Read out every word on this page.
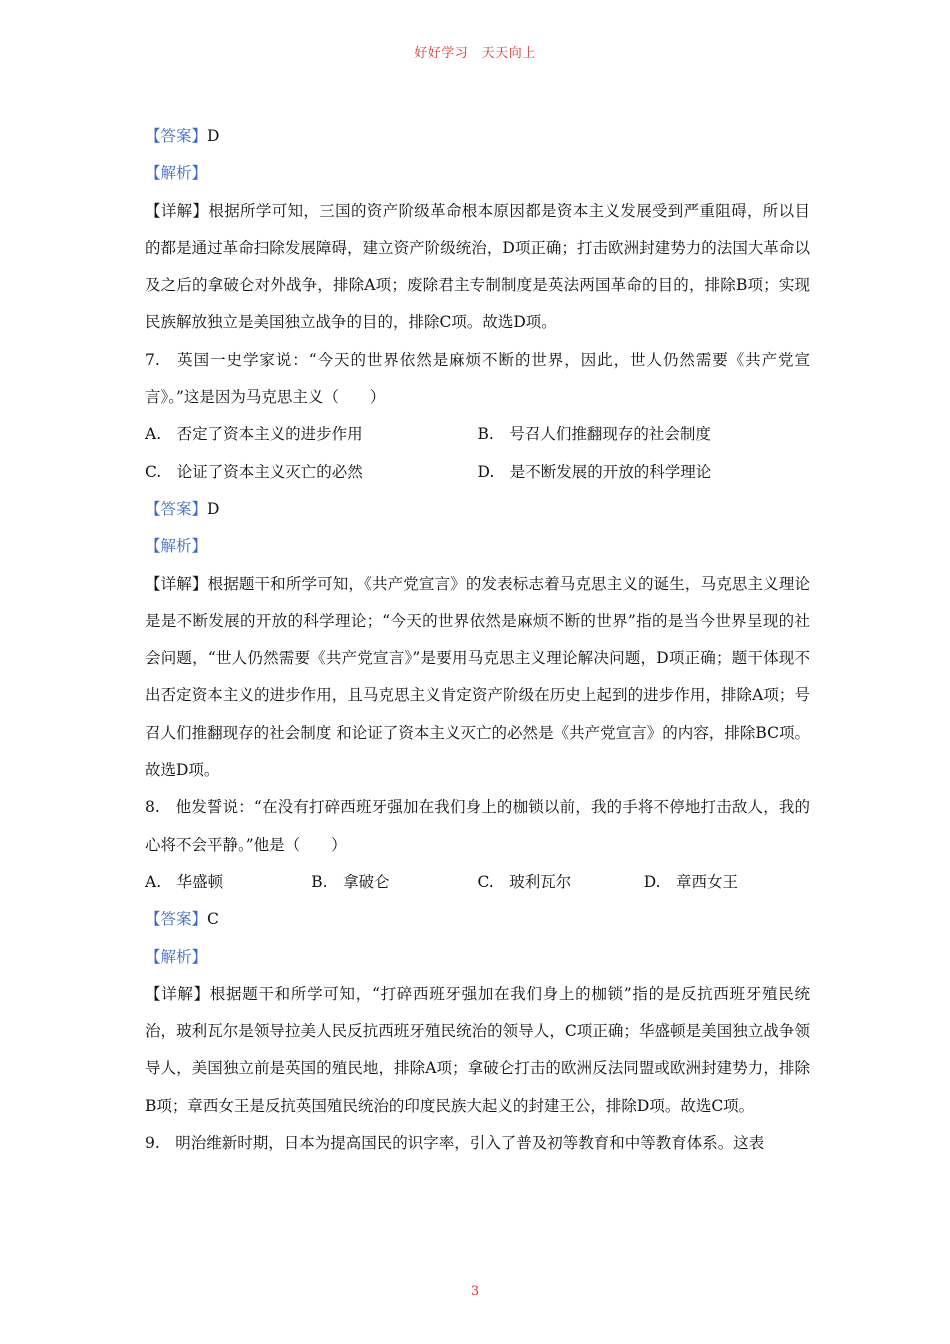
好好学习　天天向上

【答案】D

【解析】

【详解】根据所学可知，三国的资产阶级革命根本原因都是资本主义发展受到严重阻碍，所以目的都是通过革命扫除发展障碍，建立资产阶级统治，D项正确；打击欧洲封建势力的法国大革命以及之后的拿破仑对外战争，排除A项；废除君主专制制度是英法两国革命的目的，排除B项；实现民族解放独立是美国独立战争的目的，排除C项。故选D项。

7.　英国一史学家说：“今天的世界依然是麻烦不断的世界，因此，世人仍然需要《共产党宣言》。”这是因为马克思主义（　　）

A.　否定了资本主义的进步作用	B.　号召人们推翻现存的社会制度
C.　论证了资本主义灭亡的必然	D.　是不断发展的开放的科学理论

【答案】D

【解析】

【详解】根据题干和所学可知，《共产党宣言》的发表标志着马克思主义的诞生，马克思主义理论是是不断发展的开放的科学理论；“今天的世界依然是麻烦不断的世界”指的是当今世界呈现的社会问题，“世人仍然需要《共产党宣言》”是要用马克思主义理论解决问题，D项正确；题干体现不出否定资本主义的进步作用，且马克思主义肯定资产阶级在历史上起到的进步作用，排除A项；号召人们推翻现存的社会制度 和论证了资本主义灭亡的必然是《共产党宣言》的内容，排除BC项。故选D项。

8.　他发誓说：“在没有打碎西班牙强加在我们身上的枷锁以前，我的手将不停地打击敌人，我的心将不会平静。”他是（　　）

A.　华盛顿	B.　拿破仑	C.　玻利瓦尔	D.　章西女王

【答案】C

【解析】

【详解】根据题干和所学可知，“打碎西班牙强加在我们身上的枷锁”指的是反抗西班牙殖民统治，玻利瓦尔是领导拉美人民反抗西班牙殖民统治的领导人，C项正确；华盛顿是美国独立战争领导人，美国独立前是英国的殖民地，排除A项；拿破仑打击的欧洲反法同盟或欧洲封建势力，排除B项；章西女王是反抗英国殖民统治的印度民族大起义的封建王公，排除D项。故选C项。

9.　明治维新时期，日本为提高国民的识字率，引入了普及初等教育和中等教育体系。这表

3
